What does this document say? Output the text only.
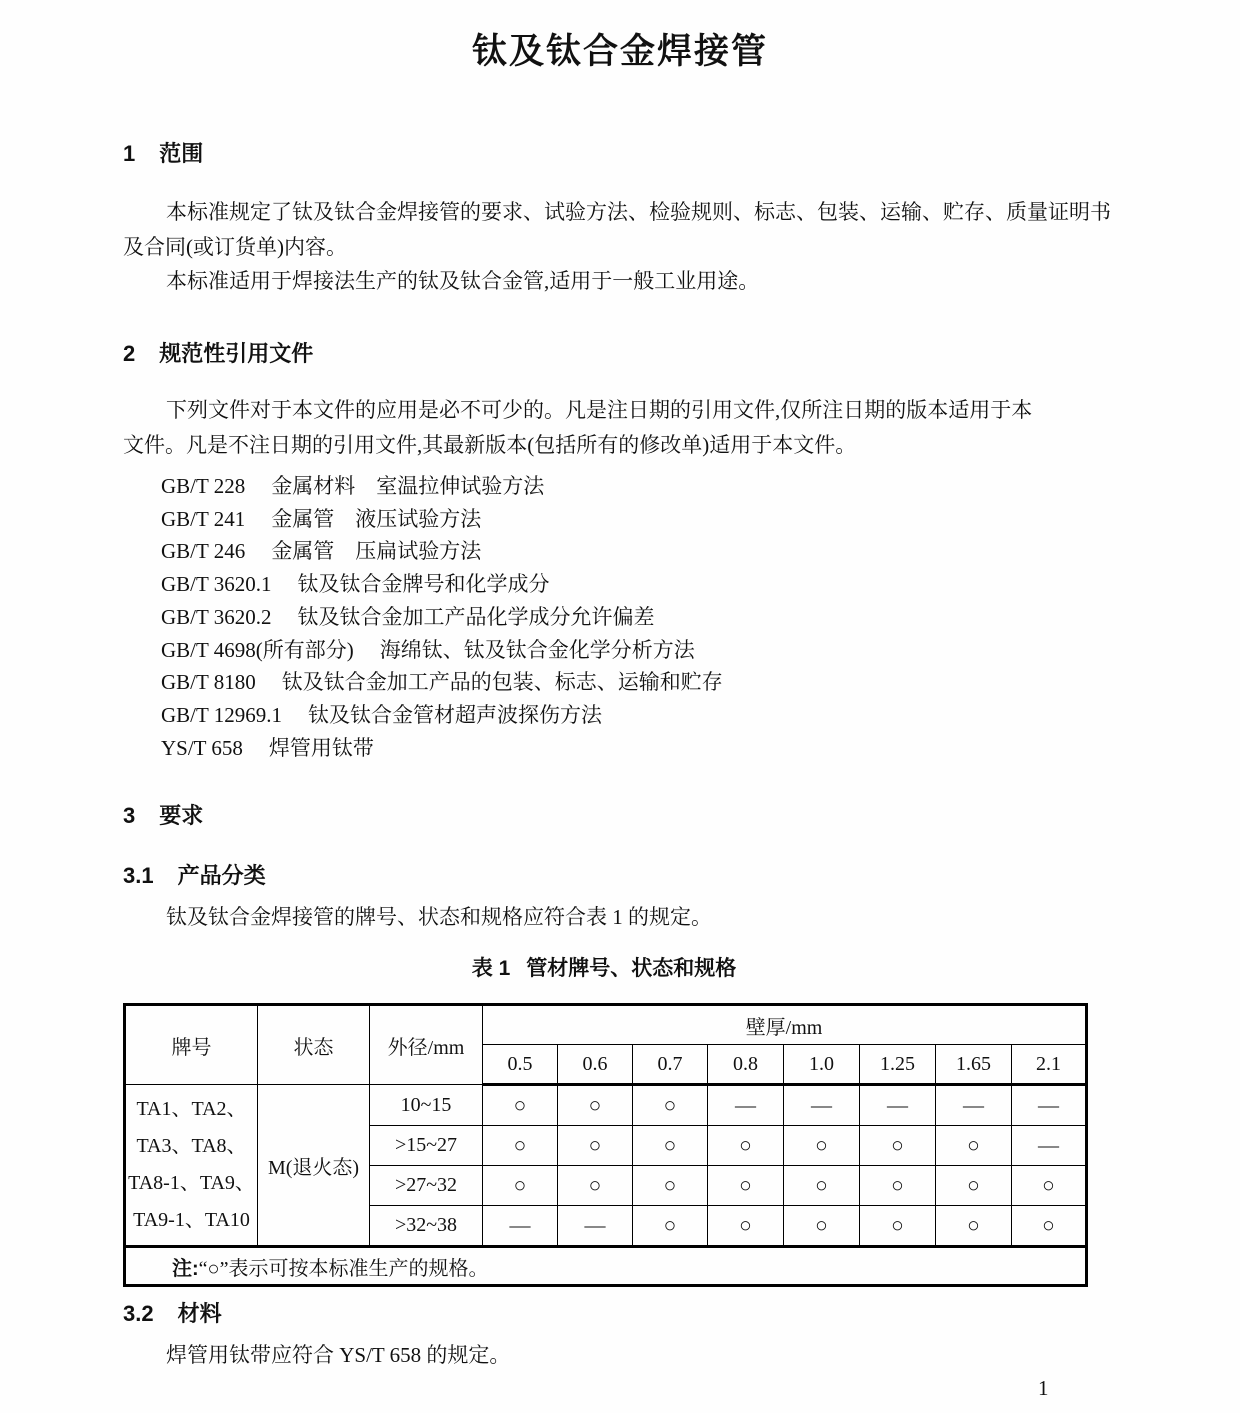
钛及钛合金焊接管
1 范围
本标准规定了钛及钛合金焊接管的要求、试验方法、检验规则、标志、包装、运输、贮存、质量证明书
及合同(或订货单)内容。
本标准适用于焊接法生产的钛及钛合金管,适用于一般工业用途。
2 规范性引用文件
下列文件对于本文件的应用是必不可少的。凡是注日期的引用文件,仅所注日期的版本适用于本
文件。凡是不注日期的引用文件,其最新版本(包括所有的修改单)适用于本文件。
GB/T 228 金属材料　室温拉伸试验方法
GB/T 241 金属管　液压试验方法
GB/T 246 金属管　压扁试验方法
GB/T 3620.1 钛及钛合金牌号和化学成分
GB/T 3620.2 钛及钛合金加工产品化学成分允许偏差
GB/T 4698(所有部分) 海绵钛、钛及钛合金化学分析方法
GB/T 8180 钛及钛合金加工产品的包装、标志、运输和贮存
GB/T 12969.1 钛及钛合金管材超声波探伤方法
YS/T 658 焊管用钛带
3 要求
3.1 产品分类
钛及钛合金焊接管的牌号、状态和规格应符合表 1 的规定。
表 1 管材牌号、状态和规格
牌号	状态	外径/mm	壁厚/mm							
			0.5	0.6	0.7	0.8	1.0	1.25	1.65	2.1

TA1、TA2、
TA3、TA8、
TA8-1、TA9、
TA9-1、TA10	M(退火态)	10~15	○	○	○	—	—	—	—	—
		>15~27	○	○	○	○	○	○	○	—
		>27~32	○	○	○	○	○	○	○	○
		>32~38	—	—	○	○	○	○	○	○
注:“○”表示可按本标准生产的规格。										
3.2 材料
焊管用钛带应符合 YS/T 658 的规定。
1
